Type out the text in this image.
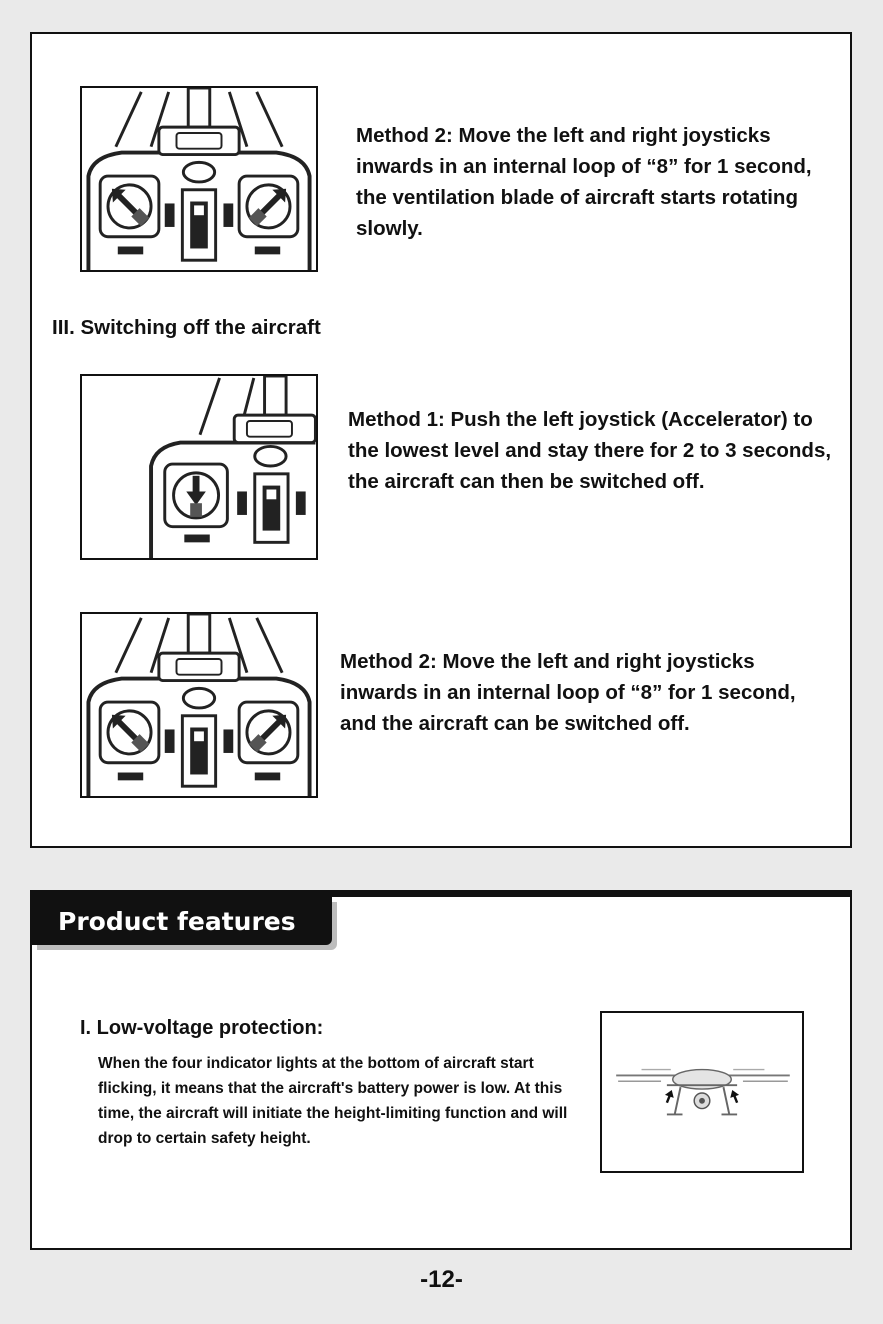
Method 2: Move the left and right joysticks inwards in an internal loop of “8” for 1 second, the ventilation blade of aircraft starts rotating slowly.
III. Switching off the aircraft
Method 1: Push the left joystick (Accelerator) to the lowest level and stay there for 2 to 3 seconds, the aircraft can then be switched off.
Method 2: Move the left and right joysticks inwards in an internal loop of “8” for 1 second, and the aircraft can be switched off.
Product features
I. Low-voltage protection:
When the four indicator lights at the bottom of aircraft start flicking, it means that the aircraft's battery power is low. At this time, the aircraft will initiate the height-limiting function and will drop to certain safety height.
-12-
